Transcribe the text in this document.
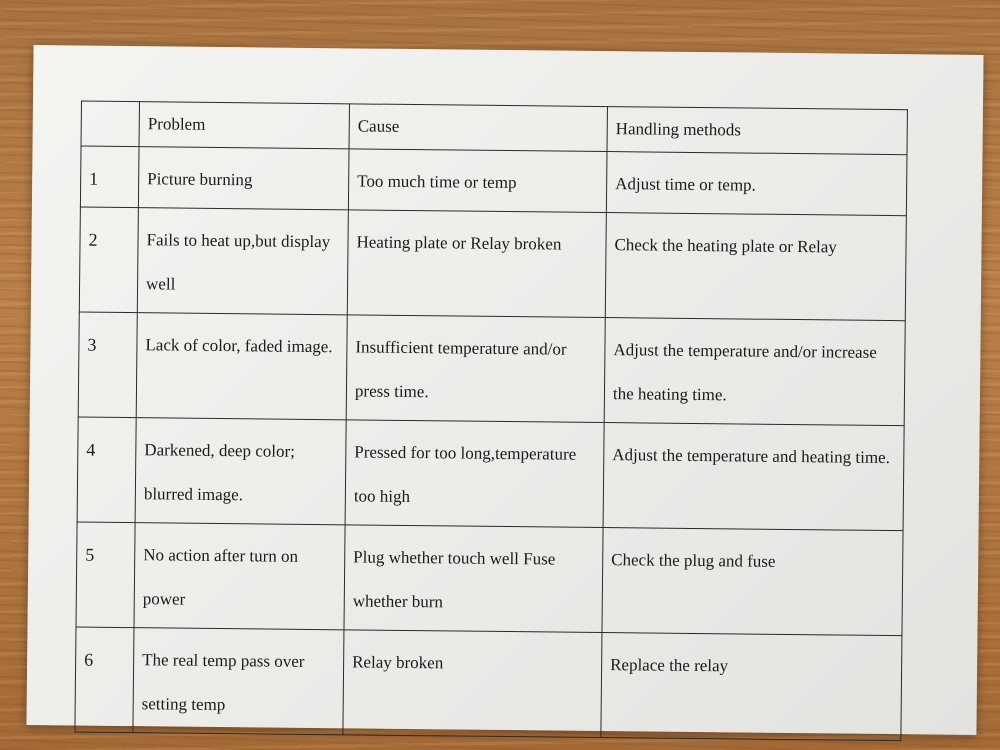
	Problem	Cause	Handling methods
1	Picture burning	Too much time or temp	Adjust time or temp.
2	Fails to heat up,but display well	Heating plate or Relay broken	Check the heating plate or Relay
3	Lack of color, faded image.	Insufficient temperature and/or press time.	Adjust the temperature and/or increase the heating time.
4	Darkened, deep color; blurred image.	Pressed for too long,temperature too high	Adjust the temperature and heating time.
5	No action after turn on power	Plug whether touch well Fuse whether burn	Check the plug and fuse
6	The real temp pass over setting temp	Relay broken	Replace the relay
